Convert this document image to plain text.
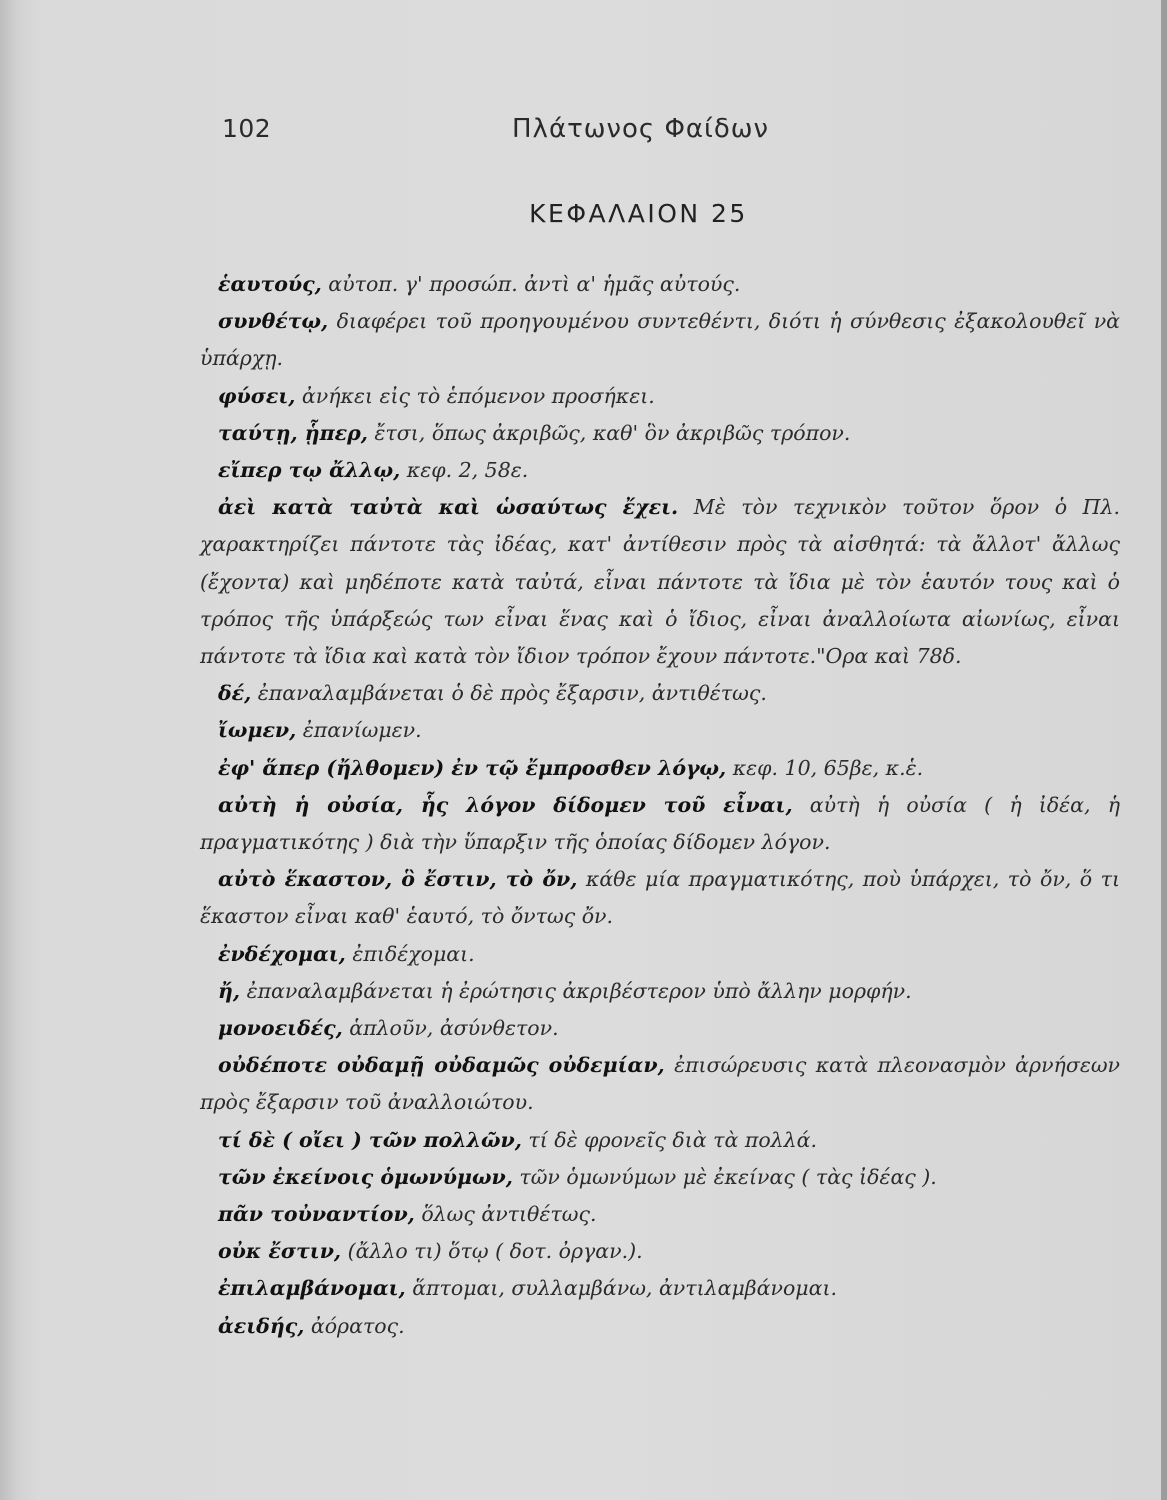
102	Πλάτωνος Φαίδων
ΚΕΦΑΛΑΙΟΝ 25

ἑαυτούς, αὐτοπ. γ' προσώπ. ἀντὶ α' ἡμᾶς αὐτούς.

συνθέτῳ, διαφέρει τοῦ προηγουμένου συντεθέντι, διότι ἡ σύνθεσις ἐξακολουθεῖ νὰ ὑπάρχῃ.

φύσει, ἀνήκει εἰς τὸ ἑπόμενον προσήκει.

ταύτῃ, ᾗπερ, ἔτσι, ὅπως ἀκριβῶς, καθ' ὃν ἀκριβῶς τρόπον.

εἴπερ τῳ ἄλλῳ, κεφ. 2, 58ε.

ἀεὶ κατὰ ταὐτὰ καὶ ὡσαύτως ἔχει. Μὲ τὸν τεχνικὸν τοῦτον ὅρον ὁ Πλ. χαρακτηρίζει πάντοτε τὰς ἰδέας, κατ' ἀντίθεσιν πρὸς τὰ αἰσθητά: τὰ ἄλλοτ' ἄλλως (ἔχοντα) καὶ μηδέποτε κατὰ ταὐτά, εἶναι πάντοτε τὰ ἴδια μὲ τὸν ἑαυτόν τους καὶ ὁ τρόπος τῆς ὑπάρξεώς των εἶναι ἕνας καὶ ὁ ἴδιος, εἶναι ἀναλλοίωτα αἰωνίως, εἶναι πάντοτε τὰ ἴδια καὶ κατὰ τὸν ἴδιον τρόπον ἔχουν πάντοτε."Ορα καὶ 78δ.

δέ, ἐπαναλαμβάνεται ὁ δὲ πρὸς ἔξαρσιν, ἀντιθέτως.

ἴωμεν, ἐπανίωμεν.

ἐφ' ἅπερ (ἤλθομεν) ἐν τῷ ἔμπροσθεν λόγῳ, κεφ. 10, 65βε, κ.ἑ.

αὐτὴ ἡ οὐσία, ἧς λόγον δίδομεν τοῦ εἶναι, αὐτὴ ἡ οὐσία ( ἡ ἰδέα, ἡ πραγματικότης ) διὰ τὴν ὕπαρξιν τῆς ὁποίας δίδομεν λόγον.

αὐτὸ ἕκαστον, ὃ ἔστιν, τὸ ὄν, κάθε μία πραγματικότης, ποὺ ὑπάρχει, τὸ ὄν, ὅ τι ἕκαστον εἶναι καθ' ἑαυτό, τὸ ὄντως ὄν.

ἐνδέχομαι, ἐπιδέχομαι.

ἤ, ἐπαναλαμβάνεται ἡ ἐρώτησις ἀκριβέστερον ὑπὸ ἄλλην μορφήν.

μονοειδές, ἁπλοῦν, ἀσύνθετον.

οὐδέποτε οὐδαμῇ οὐδαμῶς οὐδεμίαν, ἐπισώρευσις κατὰ πλεονασμὸν ἀρνήσεων πρὸς ἔξαρσιν τοῦ ἀναλλοιώτου.

τί δὲ ( οἴει ) τῶν πολλῶν, τί δὲ φρονεῖς διὰ τὰ πολλά.

τῶν ἐκείνοις ὁμωνύμων, τῶν ὁμωνύμων μὲ ἐκείνας ( τὰς ἰδέας ).

πᾶν τοὐναντίον, ὅλως ἀντιθέτως.

οὐκ ἔστιν, (ἄλλο τι) ὅτῳ ( δοτ. ὀργαν.).

ἐπιλαμβάνομαι, ἅπτομαι, συλλαμβάνω, ἀντιλαμβάνομαι.

ἀειδής, ἀόρατος.
